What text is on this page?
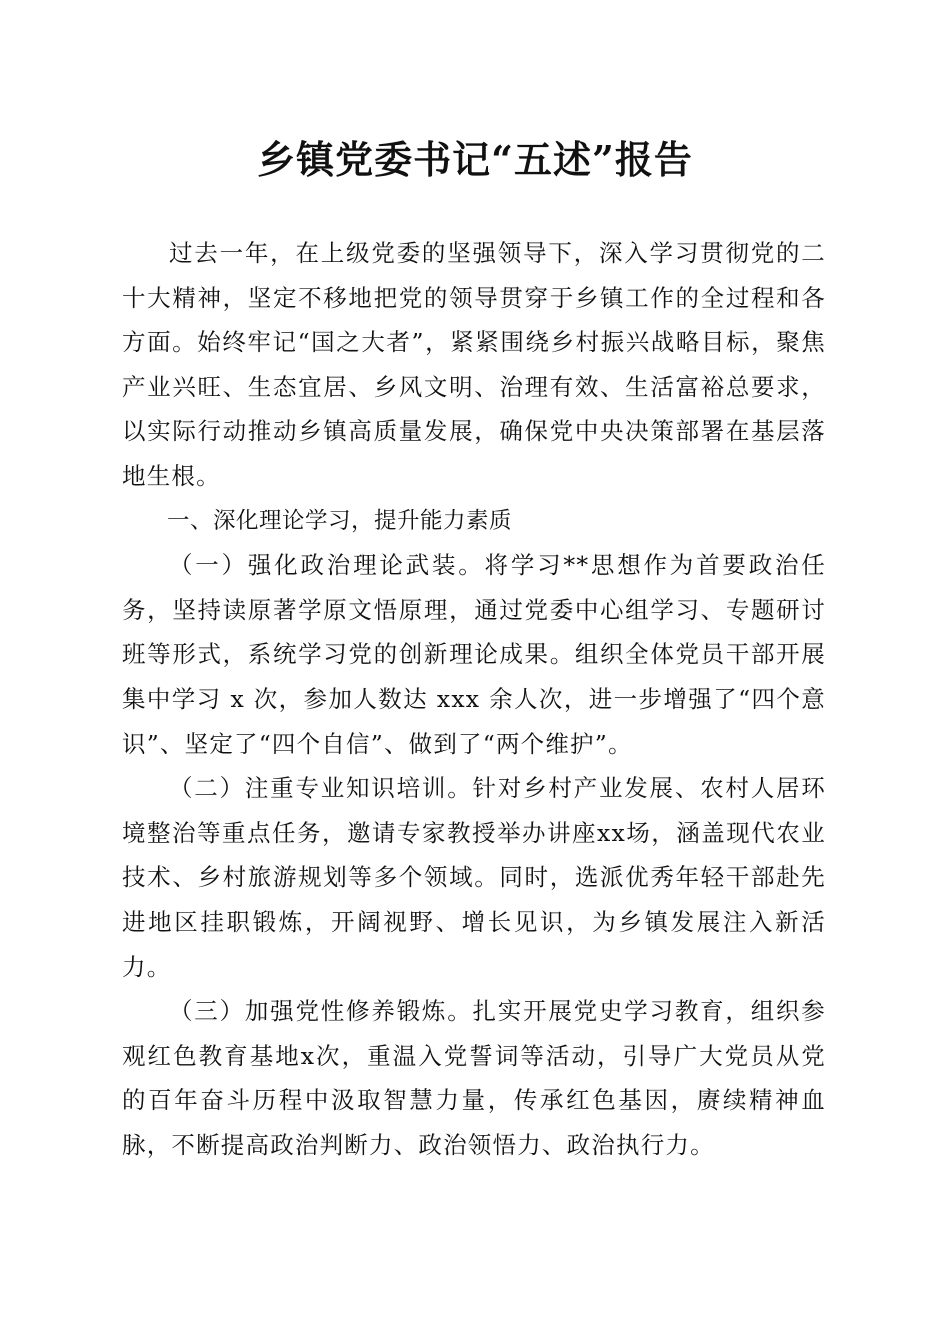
乡镇党委书记“五述”报告

过去一年，在上级党委的坚强领导下，深入学习贯彻党的二十大精神，坚定不移地把党的领导贯穿于乡镇工作的全过程和各方面。始终牢记“国之大者”，紧紧围绕乡村振兴战略目标，聚焦产业兴旺、生态宜居、乡风文明、治理有效、生活富裕总要求，以实际行动推动乡镇高质量发展，确保党中央决策部署在基层落地生根。

一、深化理论学习，提升能力素质

（一）强化政治理论武装。将学习**思想作为首要政治任务，坚持读原著学原文悟原理，通过党委中心组学习、专题研讨班等形式，系统学习党的创新理论成果。组织全体党员干部开展集中学习 x 次，参加人数达 xxx 余人次，进一步增强了“四个意识”、坚定了“四个自信”、做到了“两个维护”。

（二）注重专业知识培训。针对乡村产业发展、农村人居环境整治等重点任务，邀请专家教授举办讲座xx场，涵盖现代农业技术、乡村旅游规划等多个领域。同时，选派优秀年轻干部赴先进地区挂职锻炼，开阔视野、增长见识，为乡镇发展注入新活力。

（三）加强党性修养锻炼。扎实开展党史学习教育，组织参观红色教育基地x次，重温入党誓词等活动，引导广大党员从党的百年奋斗历程中汲取智慧力量，传承红色基因，赓续精神血脉，不断提高政治判断力、政治领悟力、政治执行力。
